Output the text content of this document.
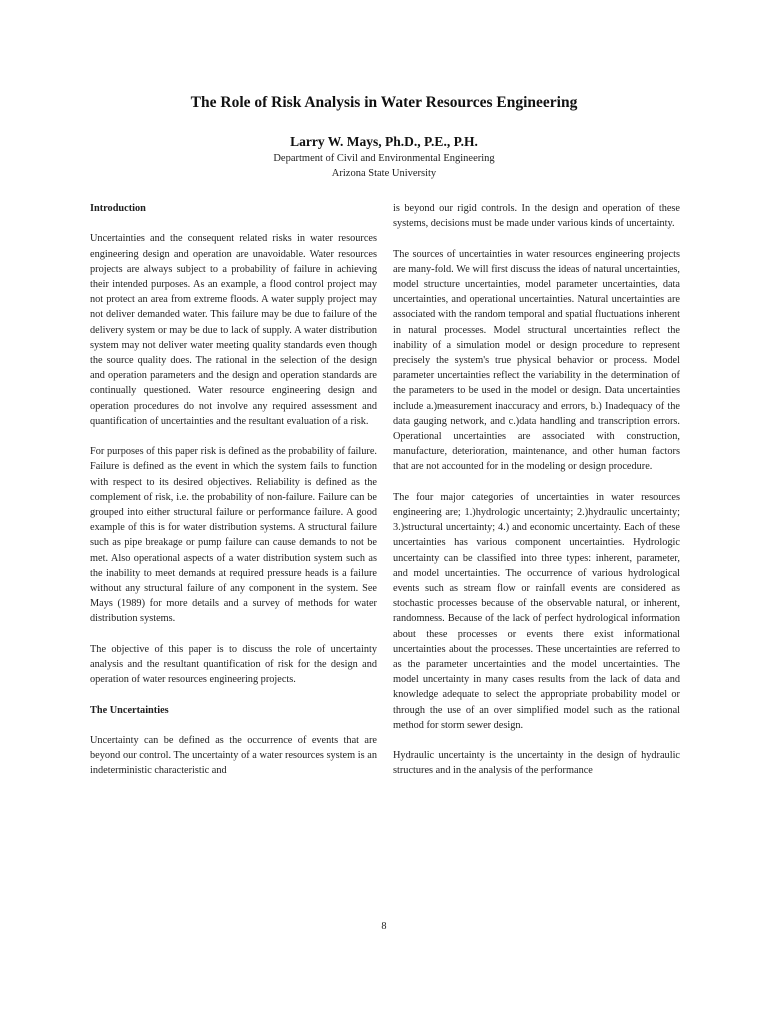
The Role of Risk Analysis in Water Resources Engineering
Larry W. Mays, Ph.D., P.E., P.H.
Department of Civil and Environmental Engineering
Arizona State University
Introduction

Uncertainties and the consequent related risks in water resources engineering design and operation are unavoidable. Water resources projects are always subject to a probability of failure in achieving their intended purposes. As an example, a flood control project may not protect an area from extreme floods. A water supply project may not deliver demanded water. This failure may be due to failure of the delivery system or may be due to lack of supply. A water distribution system may not deliver water meeting quality standards even though the source quality does. The rational in the selection of the design and operation parameters and the design and operation standards are continually questioned. Water resource engineering design and operation procedures do not involve any required assessment and quantification of uncertainties and the resultant evaluation of a risk.

For purposes of this paper risk is defined as the probability of failure. Failure is defined as the event in which the system fails to function with respect to its desired objectives. Reliability is defined as the complement of risk, i.e. the probability of non-failure. Failure can be grouped into either structural failure or performance failure. A good example of this is for water distribution systems. A structural failure such as pipe breakage or pump failure can cause demands to not be met. Also operational aspects of a water distribution system such as the inability to meet demands at required pressure heads is a failure without any structural failure of any component in the system. See Mays (1989) for more details and a survey of methods for water distribution systems.

The objective of this paper is to discuss the role of uncertainty analysis and the resultant quantification of risk for the design and operation of water resources engineering projects.

The Uncertainties

Uncertainty can be defined as the occurrence of events that are beyond our control. The uncertainty of a water resources system is an indeterministic characteristic and

is beyond our rigid controls. In the design and operation of these systems, decisions must be made under various kinds of uncertainty.

The sources of uncertainties in water resources engineering projects are many-fold. We will first discuss the ideas of natural uncertainties, model structure uncertainties, model parameter uncertainties, data uncertainties, and operational uncertainties. Natural uncertainties are associated with the random temporal and spatial fluctuations inherent in natural processes. Model structural uncertainties reflect the inability of a simulation model or design procedure to represent precisely the system's true physical behavior or process. Model parameter uncertainties reflect the variability in the determination of the parameters to be used in the model or design. Data uncertainties include a.)measurement inaccuracy and errors, b.) Inadequacy of the data gauging network, and c.)data handling and transcription errors. Operational uncertainties are associated with construction, manufacture, deterioration, maintenance, and other human factors that are not accounted for in the modeling or design procedure.

The four major categories of uncertainties in water resources engineering are; 1.)hydrologic uncertainty; 2.)hydraulic uncertainty; 3.)structural uncertainty; 4.) and economic uncertainty. Each of these uncertainties has various component uncertainties. Hydrologic uncertainty can be classified into three types: inherent, parameter, and model uncertainties. The occurrence of various hydrological events such as stream flow or rainfall events are considered as stochastic processes because of the observable natural, or inherent, randomness. Because of the lack of perfect hydrological information about these processes or events there exist informational uncertainties about the processes. These uncertainties are referred to as the parameter uncertainties and the model uncertainties. The model uncertainty in many cases results from the lack of data and knowledge adequate to select the appropriate probability model or through the use of an over simplified model such as the rational method for storm sewer design.

Hydraulic uncertainty is the uncertainty in the design of hydraulic structures and in the analysis of the performance

8
